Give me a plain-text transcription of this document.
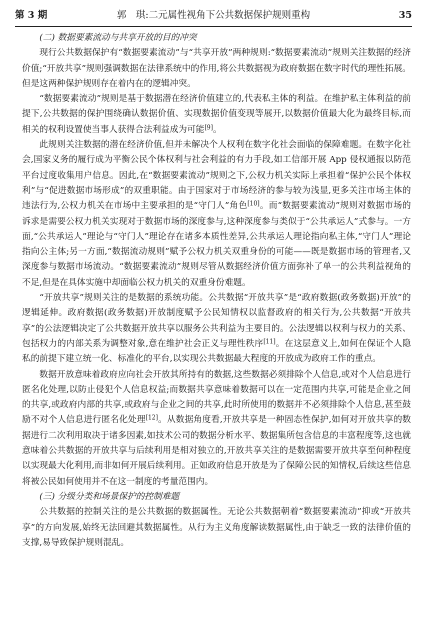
第 3 期	郭　琪:二元属性视角下公共数据保护规则重构	35
(二) 数据要素流动与共享开放的目的冲突

现行公共数据保护有“数据要素流动”与“共享开放”两种规则:“数据要素流动”规则关注数据的经济价值;“开放共享”规则强调数据在法律系统中的作用,将公共数据视为政府数据在数字时代的理性拓展。但是这两种保护规则存在着内在的逻辑冲突。

“数据要素流动”规则是基于数据潜在经济价值建立的,代表私主体的利益。在维护私主体利益的前提下,公共数据的保护围绕确认数据价值、实现数据价值变现等展开,以数据价值最大化为最终目标,而相关的权利设置使当事人获得合法利益成为可能[9]。

此规则关注数据的潜在经济价值,但并未解决个人权利在数字化社会面临的保障难题。在数字化社会,国家义务的履行成为平衡公民个体权利与社会利益的有力手段,如工信部开展 App 侵权通报以防范平台过度收集用户信息。因此,在“数据要素流动”规则之下,公权力机关实际上承担着“保护公民个体权利”与“促进数据市场形成”的双重职能。由于国家对于市场经济的参与较为浅显,更多关注市场主体的违法行为,公权力机关在市场中主要承担的是“守门人”角色[10]。而“数据要素流动”规则对数据市场的诉求是需要公权力机关实现对于数据市场的深度参与,这种深度参与类似于“公共承运人”式参与。一方面,“公共承运人”理论与“守门人”理论存在诸多本质性差异,公共承运人理论指向私主体,“守门人”理论指向公主体;另一方面,“数据流动规则”赋予公权力机关双重身份的可能——既是数据市场的管理者,又深度参与数据市场流动。“数据要素流动”规则尽管从数据经济价值方面弥补了单一的公共利益视角的不足,但是在具体实施中却面临公权力机关的双重身份难题。

“开放共享”规则关注的是数据的系统功能。公共数据“开放共享”是“政府数据(政务数据)开放”的逻辑延伸。政府数据(政务数据)开放制度赋予公民知情权以监督政府的相关行为,公共数据“开放共享”的公法逻辑决定了公共数据开放共享以服务公共利益为主要目的。公法逻辑以权利与权力的关系、包括权力的内部关系为调整对象,意在维护社会正义与理性秩序[11]。在这层意义上,如何在保证个人隐私的前提下建立统一化、标准化的平台,以实现公共数据最大程度的开放成为政府工作的重点。

数据开放意味着政府应向社会开放其所持有的数据,这些数据必须排除个人信息,或对个人信息进行匿名化处理,以防止侵犯个人信息权益;而数据共享意味着数据可以在一定范围内共享,可能是企业之间的共享,或政府内部的共享,或政府与企业之间的共享,此时所使用的数据并不必须排除个人信息,甚至鼓励不对个人信息进行匿名化处理[12]。从数据角度看,开放共享是一种固态性保护,如何对开放共享的数据进行二次利用取决于诸多因素,如技术公司的数据分析水平、数据集所包含信息的丰富程度等,这也就意味着公共数据的开放共享与后续利用是相对独立的,开放共享关注的是数据需要开放共享至何种程度以实现最大化利用,而非如何开展后续利用。正如政府信息开放是为了保障公民的知情权,后续这些信息将被公民如何使用并不在这一制度的考量范围内。

(三) 分级分类和场景保护的控制难题

公共数据的控制关注的是公共数据的数据属性。无论公共数据朝着“数据要素流动”抑或“开放共享”的方向发展,始终无法回避其数据属性。从行为主义角度解读数据属性,由于缺乏一致的法律价值的支撑,易导致保护规则混乱。
